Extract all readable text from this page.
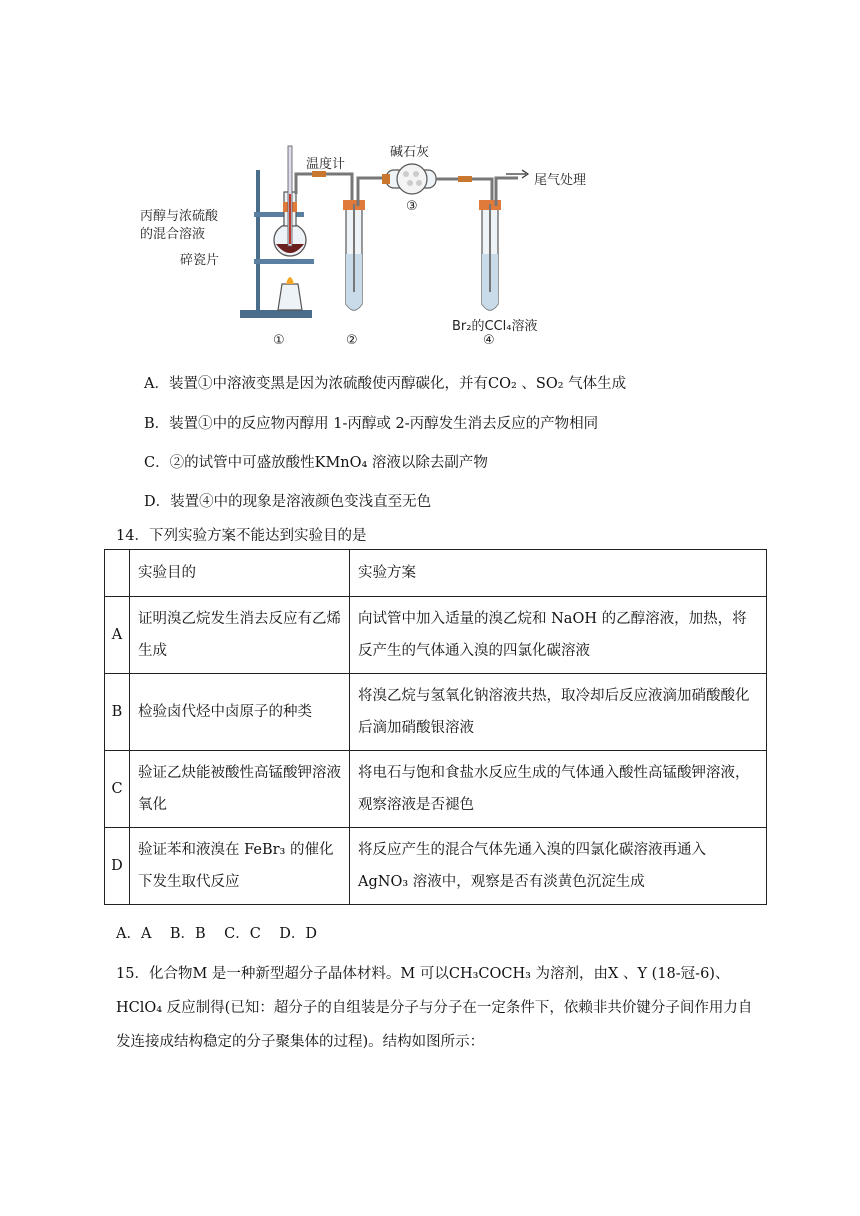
温度计
丙醇与浓硫酸
的混合溶液
碎瓷片
碱石灰
尾气处理
Br₂的CCl₄溶液
①	②
③
④
A．装置①中溶液变黑是因为浓硫酸使丙醇碳化，并有CO₂ 、SO₂ 气体生成
B．装置①中的反应物丙醇用 1-丙醇或 2-丙醇发生消去反应的产物相同
C．②的试管中可盛放酸性KMnO₄ 溶液以除去副产物
D．装置④中的现象是溶液颜色变浅直至无色
14．下列实验方案不能达到实验目的是
	实验目的	实验方案
A	证明溴乙烷发生消去反应有乙烯生成	向试管中加入适量的溴乙烷和 NaOH 的乙醇溶液，加热，将反产生的气体通入溴的四氯化碳溶液
B	检验卤代烃中卤原子的种类	将溴乙烷与氢氧化钠溶液共热，取冷却后反应液滴加硝酸酸化后滴加硝酸银溶液
C	验证乙炔能被酸性高锰酸钾溶液氧化	将电石与饱和食盐水反应生成的气体通入酸性高锰酸钾溶液，观察溶液是否褪色
D	验证苯和液溴在 FeBr₃ 的催化下发生取代反应	将反应产生的混合气体先通入溴的四氯化碳溶液再通入 AgNO₃ 溶液中，观察是否有淡黄色沉淀生成
A．A    B．B    C．C    D．D
15．化合物M 是一种新型超分子晶体材料。M 可以CH₃COCH₃ 为溶剂，由X 、Y (18-冠-6)、HClO₄ 反应制得(已知：超分子的自组装是分子与分子在一定条件下，依赖非共价键分子间作用力自发连接成结构稳定的分子聚集体的过程)。结构如图所示：
